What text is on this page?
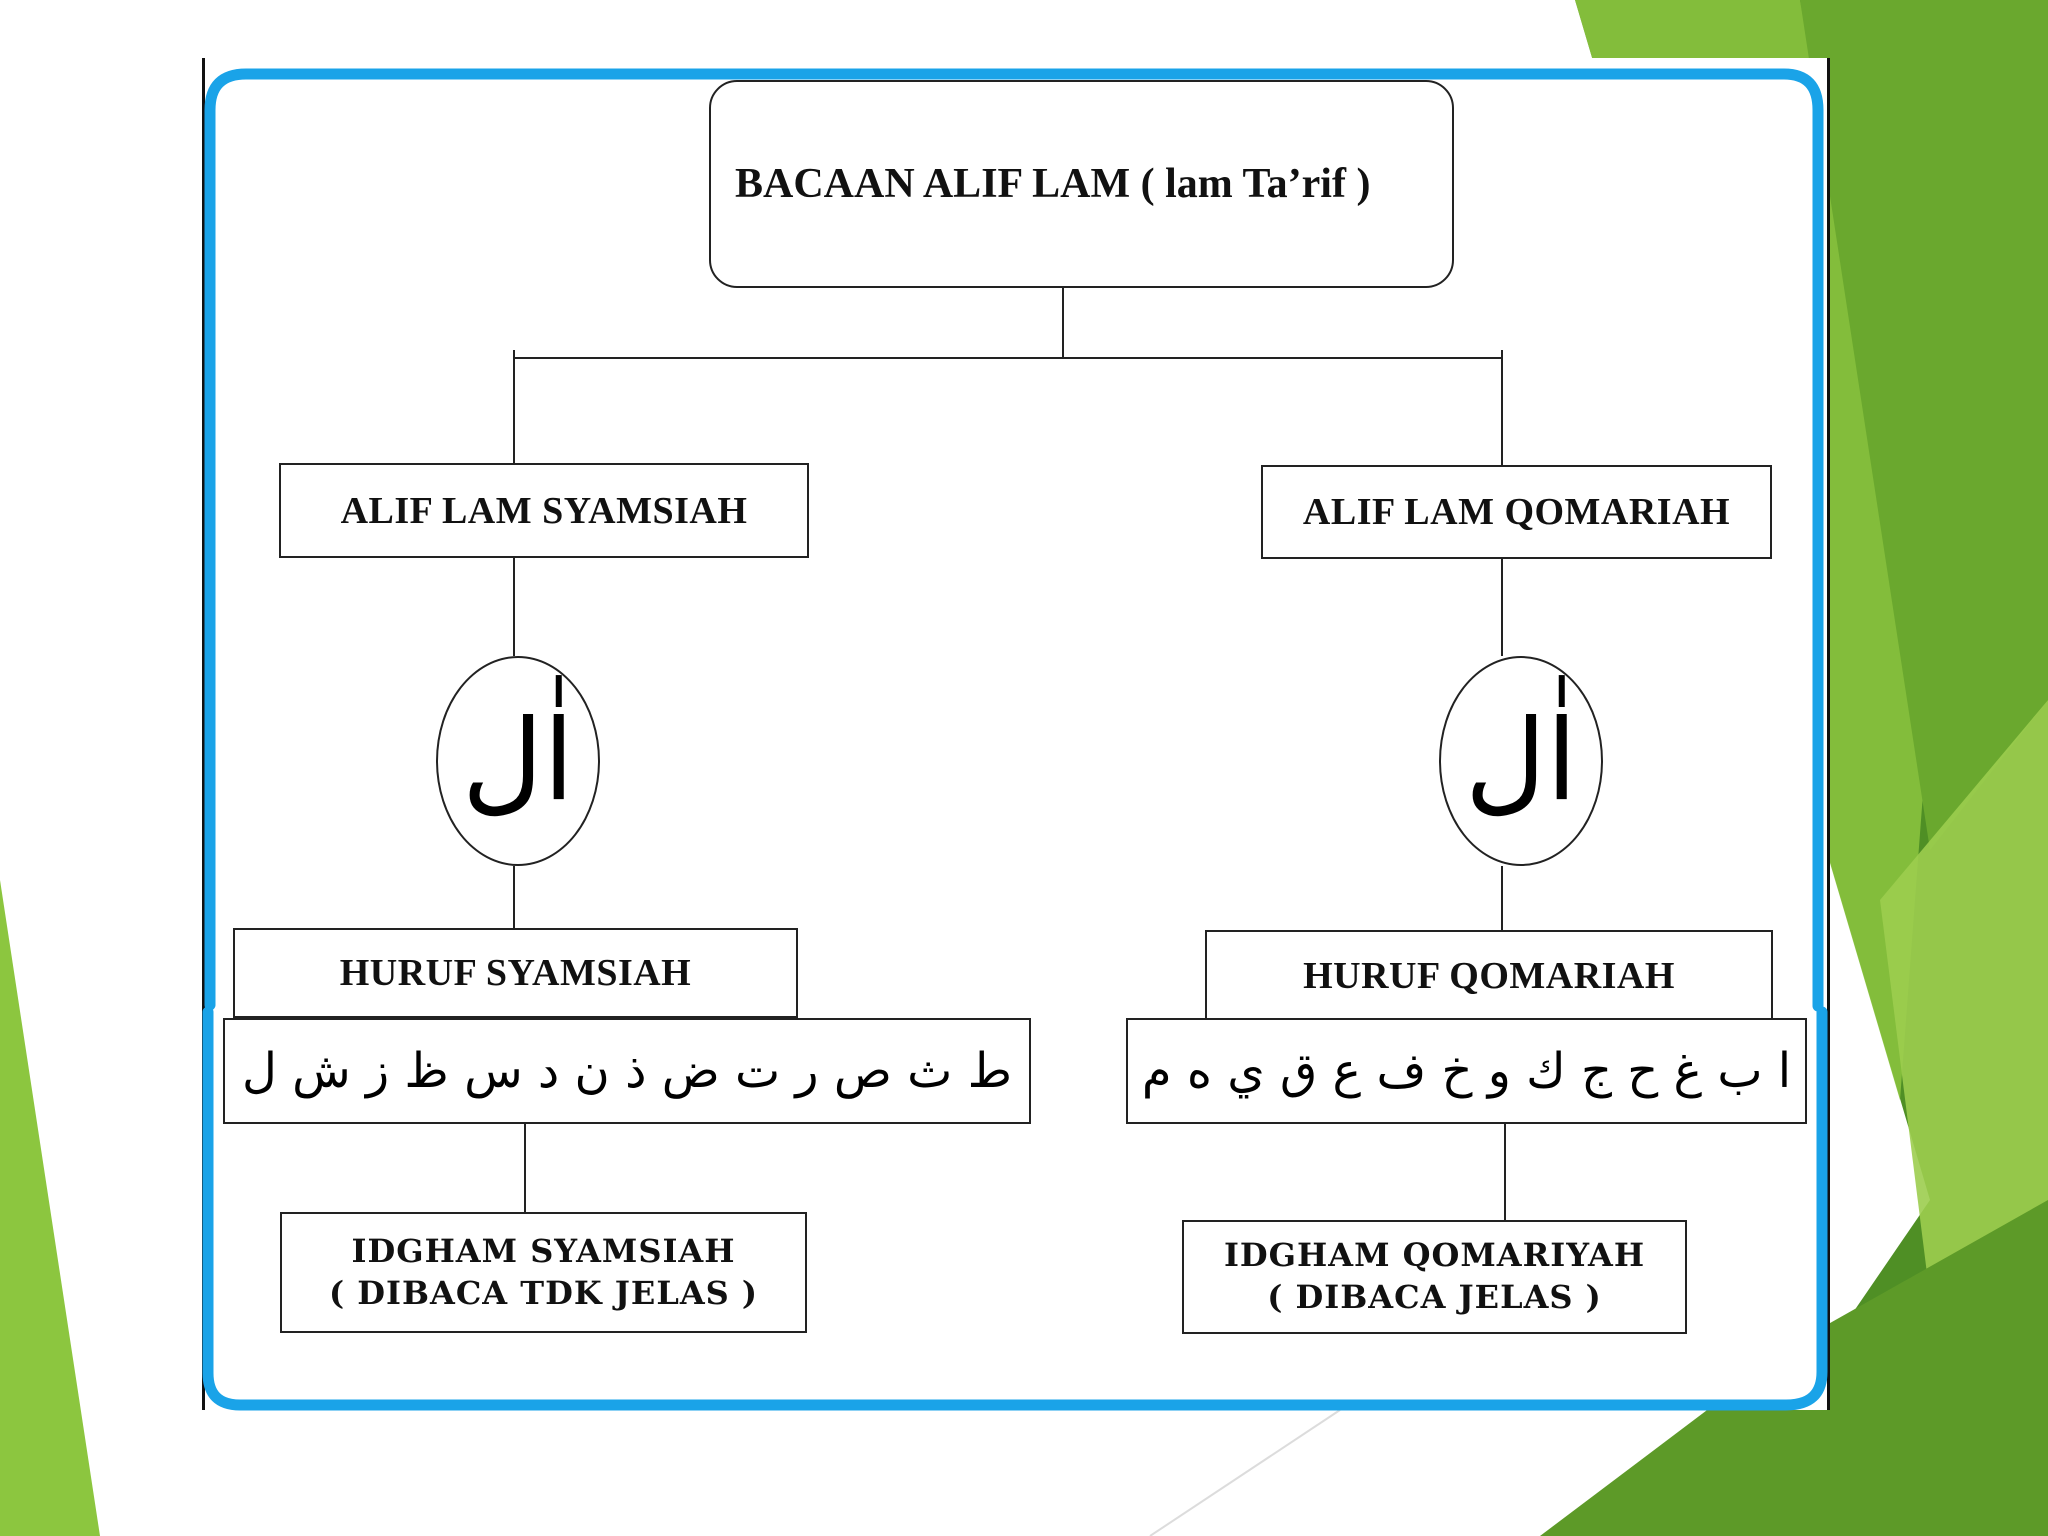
BACAAN ALIF LAM ( lam Ta’rif )
ALIF LAM SYAMSIAH
اٰل
HURUF SYAMSIAH
ط ث ص ر ت ض ذ ن د س ظ ز ش ل
IDGHAM SYAMSIAH
( DIBACA TDK JELAS )
ALIF LAM QOMARIAH
اٰل
HURUF QOMARIAH
ا ب غ ح ج ك و خ ف ع ق ي ه م
IDGHAM QOMARIYAH
( DIBACA JELAS )
